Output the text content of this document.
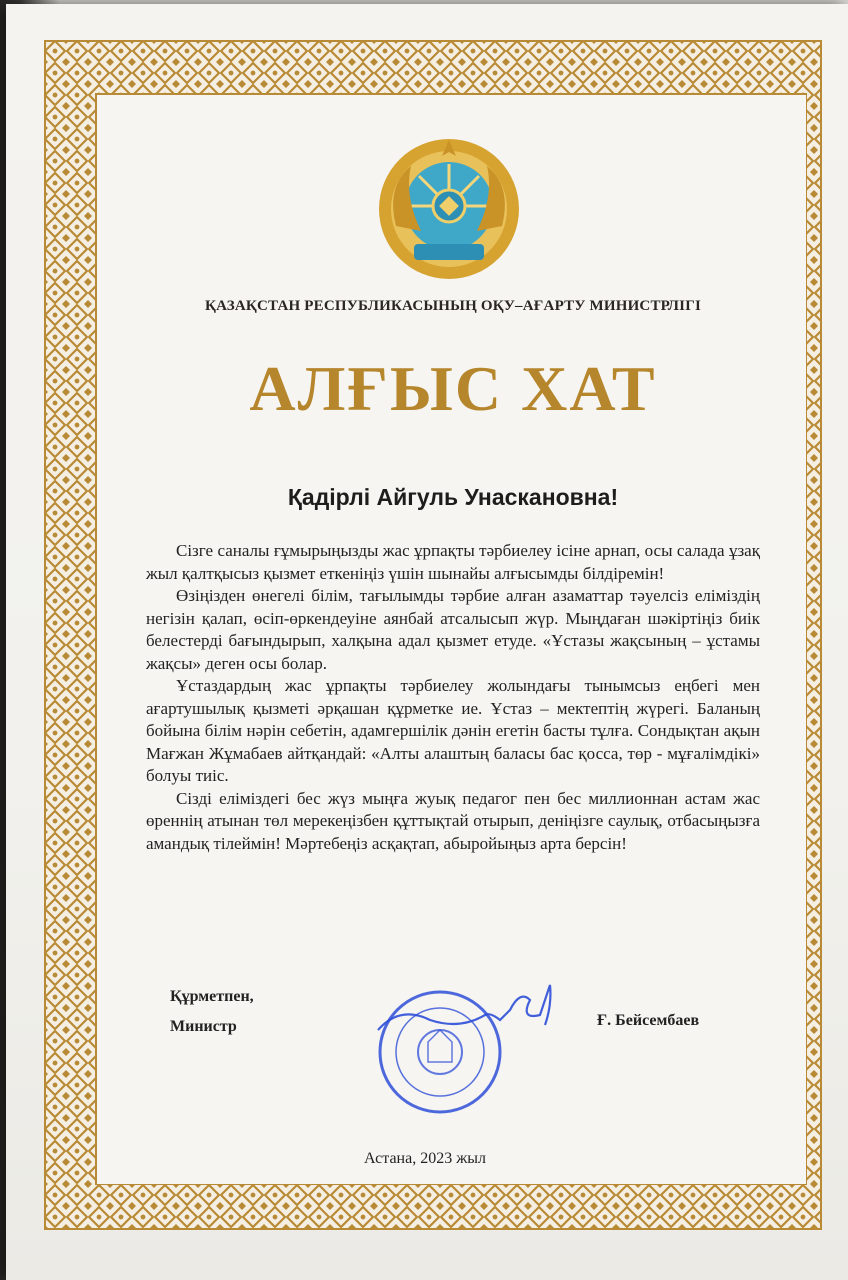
ҚАЗАҚСТАН РЕСПУБЛИКАСЫНЫҢ ОҚУ–АҒАРТУ МИНИСТРЛІГІ
АЛҒЫС ХАТ
Қадірлі Айгуль Унаскановна!

Сізге саналы ғұмырыңызды жас ұрпақты тәрбиелеу ісіне арнап, осы салада ұзақ жыл қалтқысыз қызмет еткеніңіз үшін шынайы алғысымды білдіремін!

Өзіңізден өнегелі білім, тағылымды тәрбие алған азаматтар тәуелсіз еліміздің негізін қалап, өсіп-өркендеуіне аянбай атсалысып жүр. Мыңдаған шәкіртіңіз биік белестерді бағындырып, халқына адал қызмет етуде. «Ұстазы жақсының – ұстамы жақсы» деген осы болар.

Ұстаздардың жас ұрпақты тәрбиелеу жолындағы тынымсыз еңбегі мен ағартушылық қызметі әрқашан құрметке ие. Ұстаз – мектептің жүрегі. Баланың бойына білім нәрін себетін, адамгершілік дәнін егетін басты тұлға. Сондықтан ақын Мағжан Жұмабаев айтқандай: «Алты алаштың баласы бас қосса, төр - мұғалімдікі» болуы тиіс.

Сізді еліміздегі бес жүз мыңға жуық педагог пен бес миллионнан астам жас өреннің атынан төл мерекеңізбен құттықтай отырып, деніңізге саулық, отбасыңызға амандық тілеймін! Мәртебеңіз асқақтап, абыройыңыз арта берсін!

Құрметпен,
Министр	Ғ. Бейсембаев
Астана, 2023 жыл
